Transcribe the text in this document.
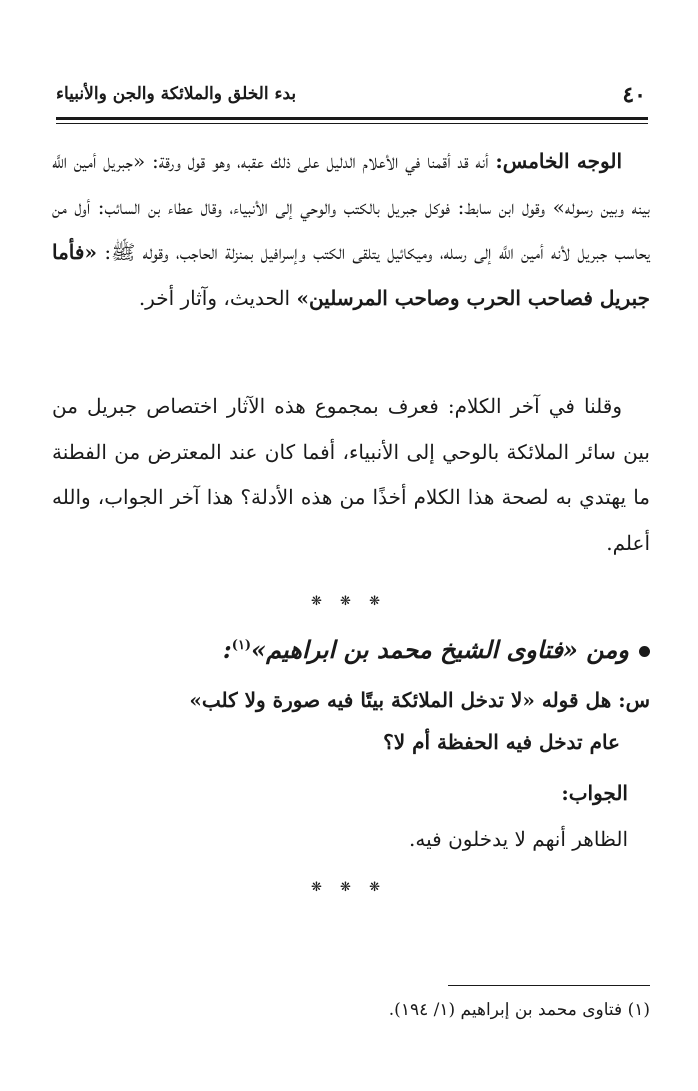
٤٠
بدء الخلق والملائكة والجن والأنبياء

الوجه الخامس: أنه قد أقمنا في الأعلام الدليل على ذلك عقبه، وهو قول ورقة: «جبريل أمين اللَّه بينه وبين رسوله» وقول ابن سابط: فوكل جبريل بالكتب والوحي إلى الأنبياء، وقال عطاء بن السائب: أول من يحاسب جبريل لأنه أمين اللَّه إلى رسله، وميكائيل يتلقى الكتب وإسرافيل بمنزلة الحاجب، وقوله ﷺ: «فأما جبريل فصاحب الحرب وصاحب المرسلين» الحديث، وآثار أخر.

وقلنا في آخر الكلام: فعرف بمجموع هذه الآثار اختصاص جبريل من بين سائر الملائكة بالوحي إلى الأنبياء، أفما كان عند المعترض من الفطنة ما يهتدي به لصحة هذا الكلام أخذًا من هذه الأدلة؟ هذا آخر الجواب، والله أعلم.

❋ ❋ ❋
ومن «فتاوى الشيخ محمد بن ابراهيم»$^{(١)}$:
س: هل قوله «لا تدخل الملائكة بيتًا فيه صورة ولا كلب»
عام تدخل فيه الحفظة أم لا؟
الجواب:
الظاهر أنهم لا يدخلون فيه.
❋ ❋ ❋
(١) فتاوى محمد بن إبراهيم (١/ ١٩٤).
